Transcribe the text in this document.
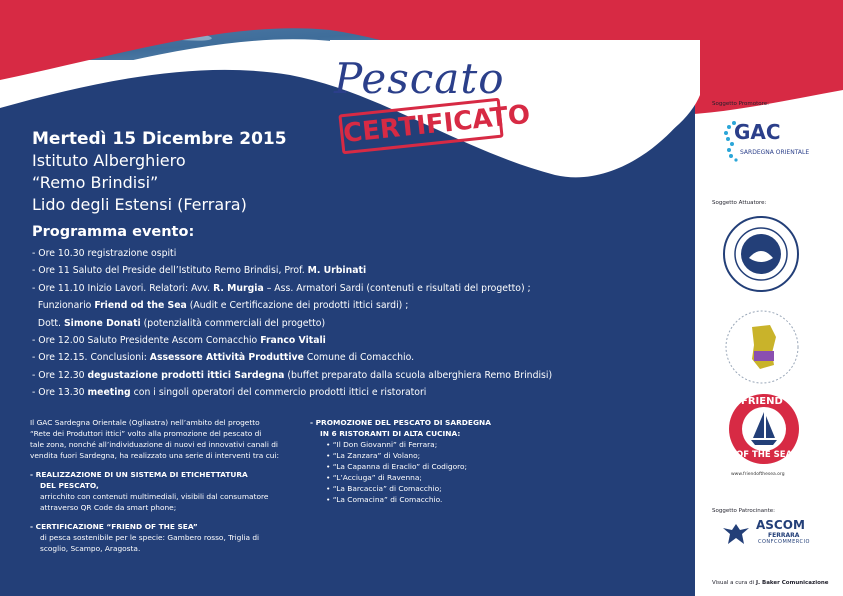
Pescato
CERTIFICATO
Mertedì 15 Dicembre 2015
Istituto Alberghiero
“Remo Brindisi”
Lido degli Estensi (Ferrara)
Programma evento:
- Ore 10.30 registrazione ospiti
- Ore 11 Saluto del Preside dell’Istituto Remo Brindisi, Prof. M. Urbinati
- Ore 11.10 Inizio Lavori. Relatori: Avv. R. Murgia – Ass. Armatori Sardi (contenuti e risultati del progetto) ;
Funzionario Friend od the Sea (Audit e Certificazione dei prodotti ittici sardi) ;
Dott. Simone Donati (potenzialità commerciali del progetto)
- Ore 12.00 Saluto Presidente Ascom Comacchio Franco Vitali
- Ore 12.15. Conclusioni: Assessore Attività Produttive Comune di Comacchio.
- Ore 12.30 degustazione prodotti ittici Sardegna (buffet preparato dalla scuola alberghiera Remo Brindisi)
- Ore 13.30 meeting con i singoli operatori del commercio prodotti ittici e ristoratori
Il GAC Sardegna Orientale (Ogliastra) nell’ambito del progetto
“Rete dei Produttori ittici” volto alla promozione del pescato di
tale zona, nonché all’individuazione di nuovi ed innovativi canali di
vendita fuori Sardegna, ha realizzato una serie di interventi tra cui:
- REALIZZAZIONE DI UN SISTEMA DI ETICHETTATURA
DEL PESCATO,
arricchito con contenuti multimediali, visibili dal consumatore
attraverso QR Code da smart phone;
- CERTIFICAZIONE “FRIEND OF THE SEA”
di pesca sostenibile per le specie: Gambero rosso, Triglia di
scoglio, Scampo, Aragosta.
- PROMOZIONE DEL PESCATO DI SARDEGNA
IN 6 RISTORANTI DI ALTA CUCINA:
• “Il Don Giovanni” di Ferrara;
• “La Zanzara” di Volano;
• “La Capanna di Eraclio” di Codigoro;
• “L’Acciuga” di Ravenna;
• “La Barcaccia” di Comacchio;
• “La Comacina” di Comacchio.
Soggetto Promotore:
GAC
SARDEGNA ORIENTALE
Soggetto Attuatore:
FRIEND
OF THE SEA
www.friendofthesea.org
Soggetto Patrocinante:
ASCOM
FERRARA
CONFCOMMERCIO
Visual a cura di J. Baker Comunicazione
